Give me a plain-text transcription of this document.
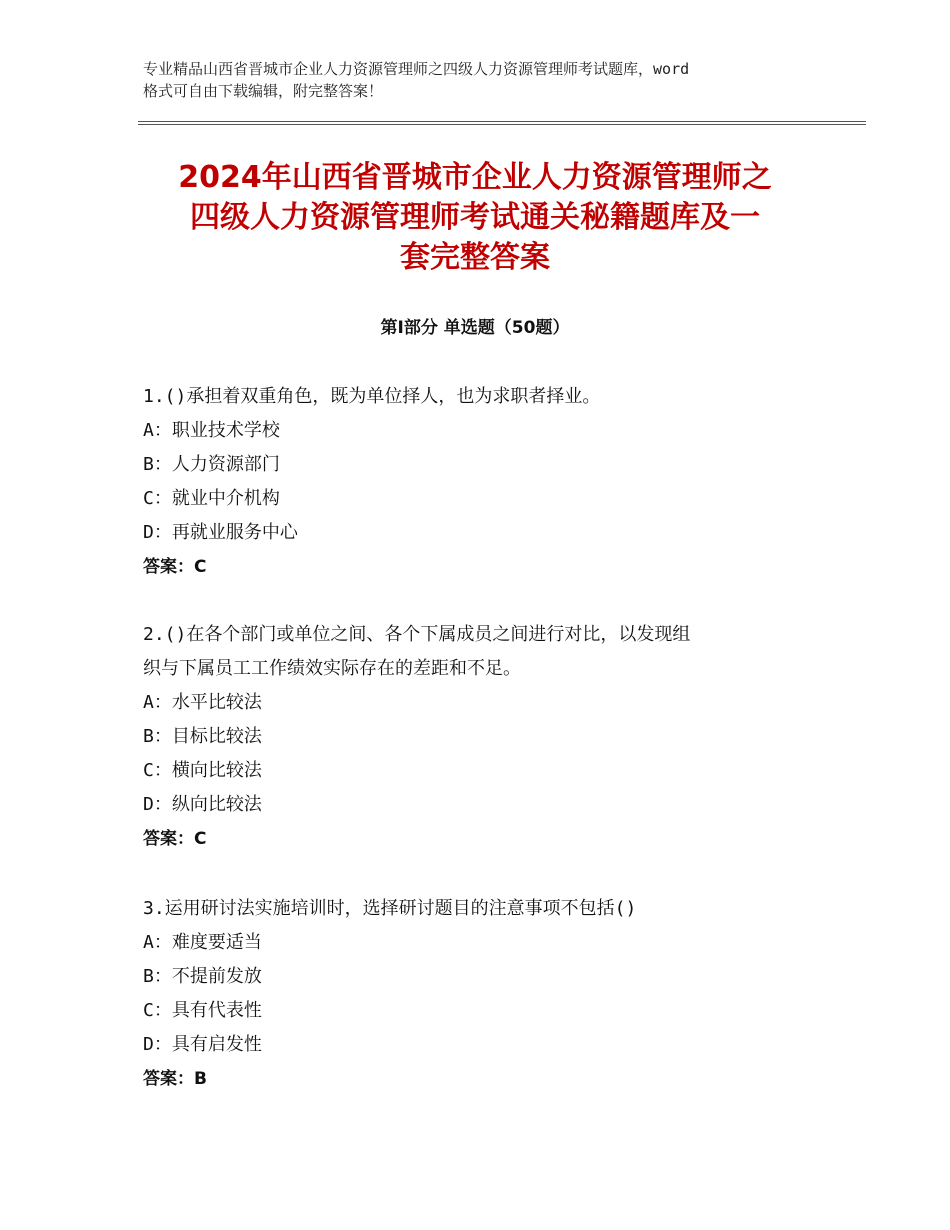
专业精品山西省晋城市企业人力资源管理师之四级人力资源管理师考试题库，word
格式可自由下载编辑，附完整答案！
2024年山西省晋城市企业人力资源管理师之
四级人力资源管理师考试通关秘籍题库及一
套完整答案
第Ⅰ部分 单选题（50题）
1.()承担着双重角色，既为单位择人，也为求职者择业。
A：职业技术学校
B：人力资源部门
C：就业中介机构
D：再就业服务中心
答案：C
2.()在各个部门或单位之间、各个下属成员之间进行对比，以发现组
织与下属员工工作绩效实际存在的差距和不足。
A：水平比较法
B：目标比较法
C：横向比较法
D：纵向比较法
答案：C
3.运用研讨法实施培训时，选择研讨题目的注意事项不包括()
A：难度要适当
B：不提前发放
C：具有代表性
D：具有启发性
答案：B
